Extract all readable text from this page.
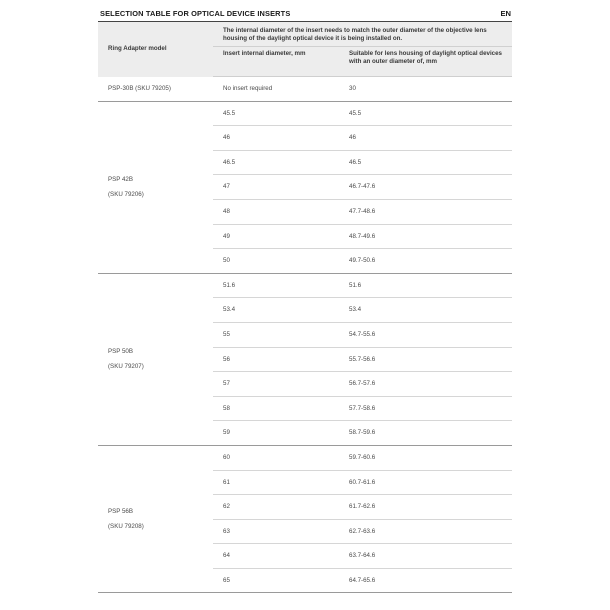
SELECTION TABLE FOR OPTICAL DEVICE INSERTS	EN
Ring Adapter model	The internal diameter of the insert needs to match the outer diameter of the objective lens housing of the daylight optical device it is being installed on.	
	Insert internal diameter, mm	Suitable for lens housing of daylight optical devices with an outer diameter of, mm

PSP-30B (SKU 79205)	No insert required	30

PSP 42B
(SKU 79206)	45.5	45.5
	46	46
	46.5	46.5
	47	46.7-47.6
	48	47.7-48.6
	49	48.7-49.6
	50	49.7-50.6

PSP 50B
(SKU 79207)	51.6	51.6
	53.4	53.4
	55	54.7-55.6
	56	55.7-56.6
	57	56.7-57.6
	58	57.7-58.6
	59	58.7-59.6

PSP 56B
(SKU 79208)	60	59.7-60.6
	61	60.7-61.6
	62	61.7-62.6
	63	62.7-63.6
	64	63.7-64.6
	65	64.7-65.6
